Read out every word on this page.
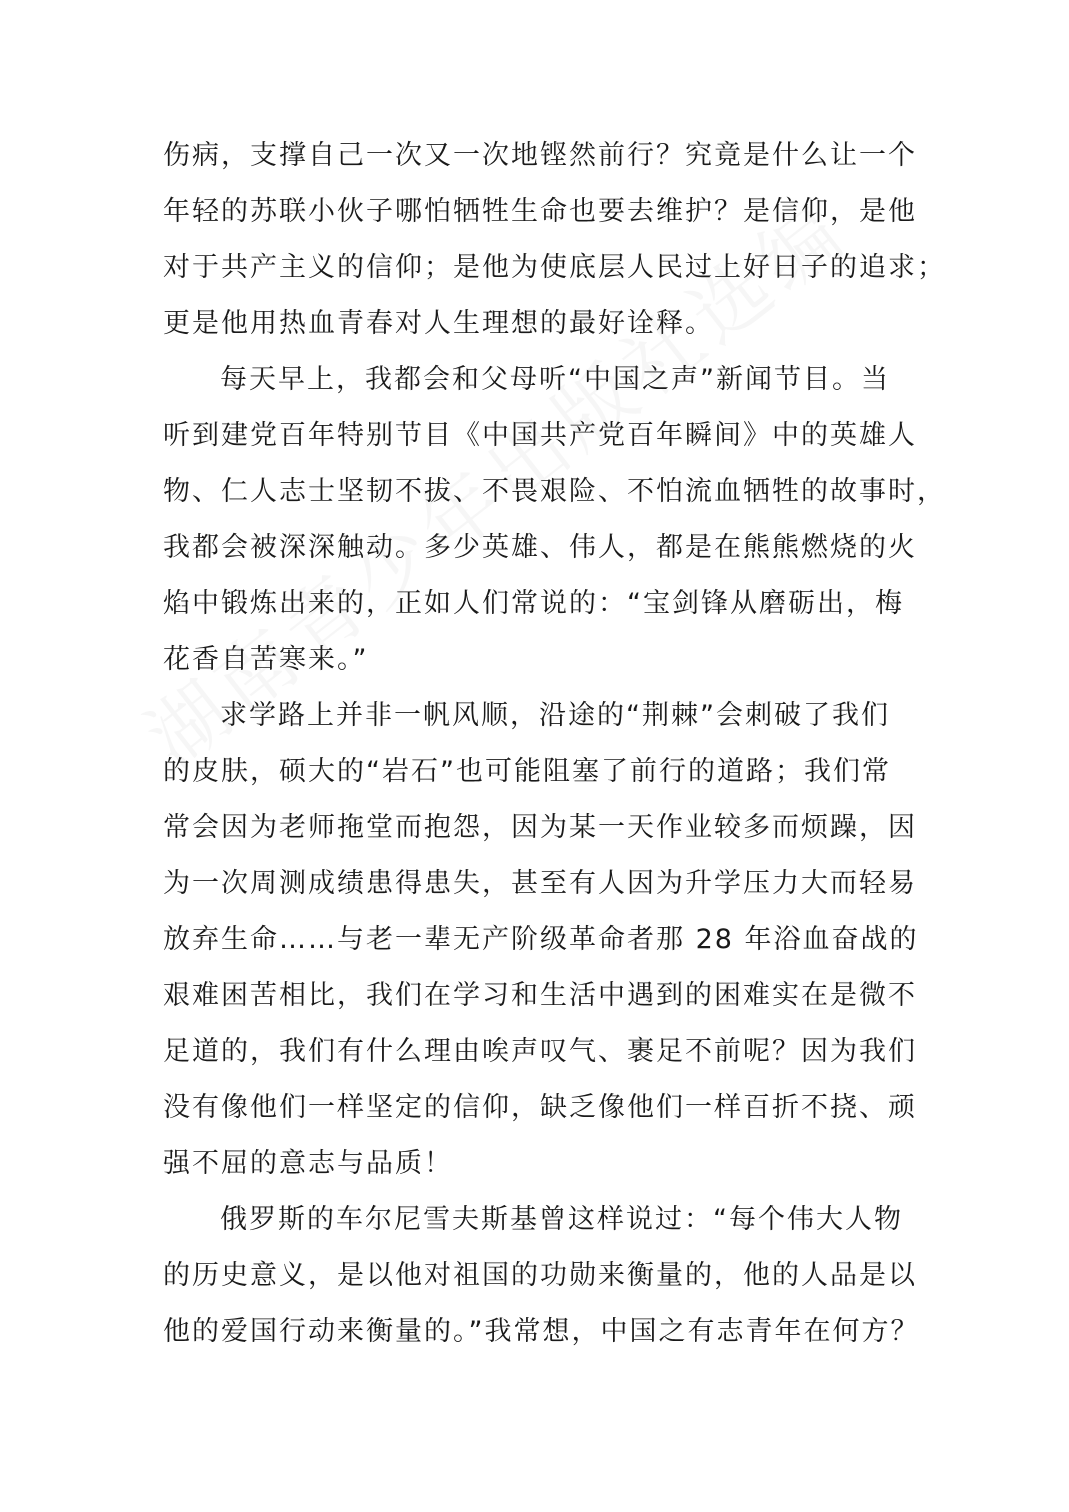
伤病，支撑自己一次又一次地铿然前行？究竟是什么让一个
年轻的苏联小伙子哪怕牺牲生命也要去维护？是信仰，是他
对于共产主义的信仰；是他为使底层人民过上好日子的追求；
更是他用热血青春对人生理想的最好诠释。
每天早上，我都会和父母听“中国之声”新闻节目。当
听到建党百年特别节目《中国共产党百年瞬间》中的英雄人
物、仁人志士坚韧不拔、不畏艰险、不怕流血牺牲的故事时，
我都会被深深触动。多少英雄、伟人，都是在熊熊燃烧的火
焰中锻炼出来的，正如人们常说的：“宝剑锋从磨砺出，梅
花香自苦寒来。”
求学路上并非一帆风顺，沿途的“荆棘”会刺破了我们
的皮肤，硕大的“岩石”也可能阻塞了前行的道路；我们常
常会因为老师拖堂而抱怨，因为某一天作业较多而烦躁，因
为一次周测成绩患得患失，甚至有人因为升学压力大而轻易
放弃生命……与老一辈无产阶级革命者那 28 年浴血奋战的
艰难困苦相比，我们在学习和生活中遇到的困难实在是微不
足道的，我们有什么理由唉声叹气、裹足不前呢？因为我们
没有像他们一样坚定的信仰，缺乏像他们一样百折不挠、顽
强不屈的意志与品质！
俄罗斯的车尔尼雪夫斯基曾这样说过：“每个伟大人物
的历史意义，是以他对祖国的功勋来衡量的，他的人品是以
他的爱国行动来衡量的。”我常想，中国之有志青年在何方？
